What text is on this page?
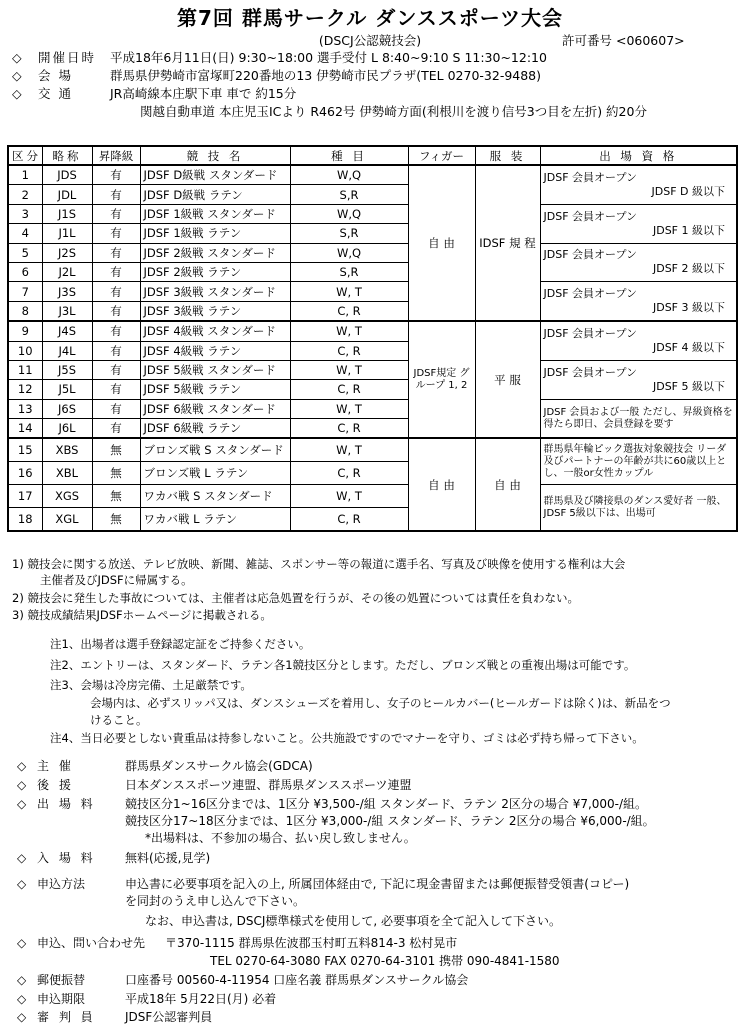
第7回 群馬サークル ダンススポーツ大会
(DSCJ公認競技会)	許可番号 <060607>
◇ 開催日時 平成18年6月11日(日) 9:30~18:00 選手受付 L 8:40~9:10 S 11:30~12:10
◇ 会 場	群馬県伊勢崎市富塚町220番地の13 伊勢崎市民プラザ(TEL 0270-32-9488)
◇ 交 通	JR高崎線本庄駅下車 車で 約15分
関越自動車道 本庄児玉ICより R462号 伊勢崎方面(利根川を渡り信号3つ目を左折) 約20分
区分	略称	昇降級	競 技 名	種 目	フィガー	服 装	出 場 資 格
1	JDS	有	JDSF D級戦 スタンダード	W,Q	自 由	IDSF 規 程	JDSF 会員オープン
JDSF D 級以下

2	JDL	有	JDSF D級戦 ラテン	S,R			
3	J1S	有	JDSF 1級戦 スタンダード	W,Q			JDSF 会員オープン
JDSF 1 級以下

4	J1L	有	JDSF 1級戦 ラテン	S,R			
5	J2S	有	JDSF 2級戦 スタンダード	W,Q			JDSF 会員オープン
JDSF 2 級以下

6	J2L	有	JDSF 2級戦 ラテン	S,R			
7	J3S	有	JDSF 3級戦 スタンダード	W, T			JDSF 会員オープン
JDSF 3 級以下

8	J3L	有	JDSF 3級戦 ラテン	C, R			
9	J4S	有	JDSF 4級戦 スタンダード	W, T	JDSF規定 グループ 1, 2	平 服	JDSF 会員オープン
JDSF 4 級以下

10	J4L	有	JDSF 4級戦 ラテン	C, R			
11	J5S	有	JDSF 5級戦 スタンダード	W, T			JDSF 会員オープン
JDSF 5 級以下

12	J5L	有	JDSF 5級戦 ラテン	C, R			
13	J6S	有	JDSF 6級戦 スタンダード	W, T			JDSF 会員および一般 ただし、昇級資格を得たら即日、会員登録を要す
14	J6L	有	JDSF 6級戦 ラテン	C, R			
15	XBS	無	ブロンズ戦 S スタンダード	W, T	自 由	自 由	群馬県年輪ピック選抜対象競技会 リーダ及びパートナーの年齢が共に60歳以上とし、一般or女性カップル
16	XBL	無	ブロンズ戦 L ラテン	C, R			
17	XGS	無	ワカバ戦 S スタンダード	W, T			群馬県及び隣接県のダンス愛好者 一般、JDSF 5級以下は、出場可
18	XGL	無	ワカバ戦 L ラテン	C, R			
1) 競技会に関する放送、テレビ放映、新聞、雑誌、スポンサー等の報道に選手名、写真及び映像を使用する権利は大会
主催者及びJDSFに帰属する。
2) 競技会に発生した事故については、主催者は応急処置を行うが、その後の処置については責任を負わない。
3) 競技成績結果JDSFホームページに掲載される。
注1、出場者は選手登録認定証をご持参ください。
注2、エントリーは、スタンダード、ラテン各1競技区分とします。ただし、ブロンズ戦との重複出場は可能です。
注3、会場は冷房完備、土足厳禁です。
会場内は、必ずスリッパ又は、ダンスシューズを着用し、女子のヒールカバー(ヒールガードは除く)は、新品をつ
けること。
注4、当日必要としない貴重品は持参しないこと。公共施設ですのでマナーを守り、ゴミは必ず持ち帰って下さい。
◇ 主 催	群馬県ダンスサークル協会(GDCA)
◇ 後 援	日本ダンススポーツ連盟、群馬県ダンススポーツ連盟
◇ 出 場 料 競技区分1~16区分までは、1区分 ¥3,500-/組 スタンダード、ラテン 2区分の場合 ¥7,000-/組。
競技区分17~18区分までは、1区分 ¥3,000-/組 スタンダード、ラテン 2区分の場合 ¥6,000-/組。
*出場料は、不参加の場合、払い戻し致しません。
◇ 入 場 料 無料(応援,見学)
◇ 申込方法	申込書に必要事項を記入の上, 所属団体経由で, 下記に現金書留または郵便振替受領書(コピー)
を同封のうえ申し込んで下さい。
なお、申込書は, DSCJ標準様式を使用して, 必要事項を全て記入して下さい。
◇ 申込、問い合わせ先 〒370-1115 群馬県佐波郡玉村町五料814-3 松村晃市
TEL 0270-64-3080 FAX 0270-64-3101 携帯 090-4841-1580
◇ 郵便振替	口座番号 00560-4-11954 口座名義 群馬県ダンスサークル協会
◇ 申込期限	平成18年 5月22日(月) 必着
◇ 審 判 員 JDSF公認審判員
